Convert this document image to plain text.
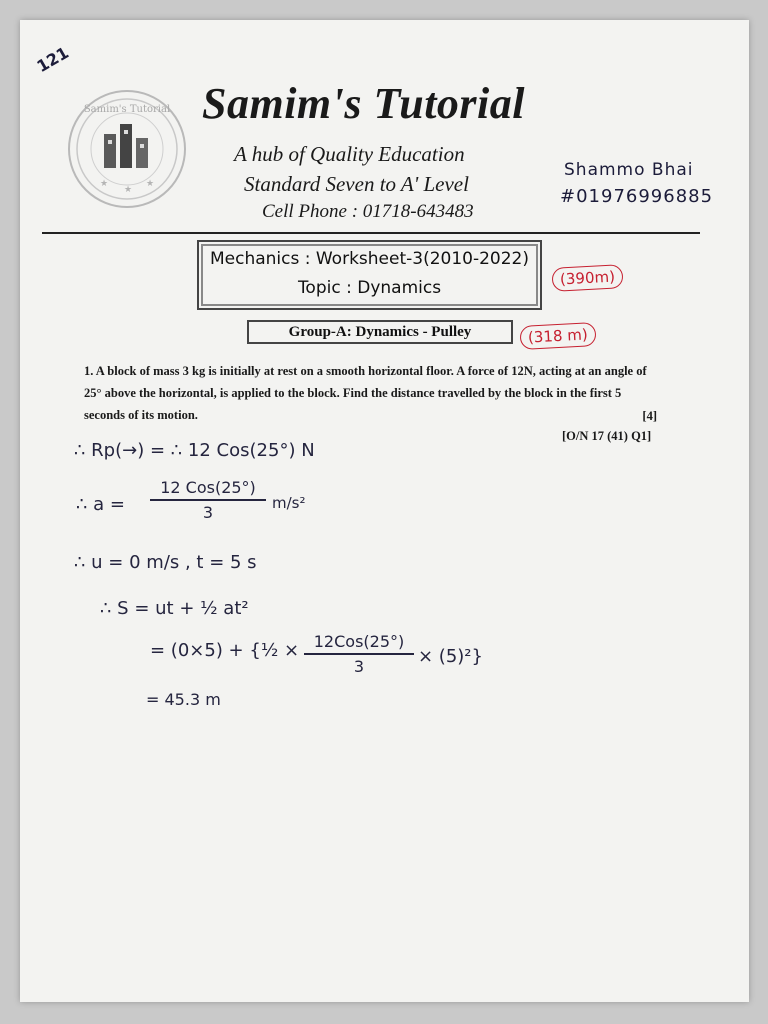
121
Samim's Tutorial
★
★
★
Samim's Tutorial
A hub of Quality Education
Standard Seven to A' Level
Cell Phone : 01718-643483
Shammo Bhai
#01976996885
Mechanics : Worksheet-3(2010-2022)
Topic : Dynamics	(390m)
Group-A: Dynamics - Pulley	(318 m)
1. A block of mass 3 kg is initially at rest on a smooth horizontal floor. A force of 12N, acting at an angle of 25° above the horizontal, is applied to the block. Find the distance travelled by the block in the first 5 seconds of its motion.	[4]
[O/N 17 (41) Q1]
∴ Rp(→) = ∴ 12 Cos(25°) N
∴ a =
12 Cos(25°)
3	m/s²
∴ u = 0 m/s , t = 5 s
∴ S = ut + ½ at²
= (0×5) + {½ × 12Cos(25°)
3	× (5)²}
= 45.3 m
